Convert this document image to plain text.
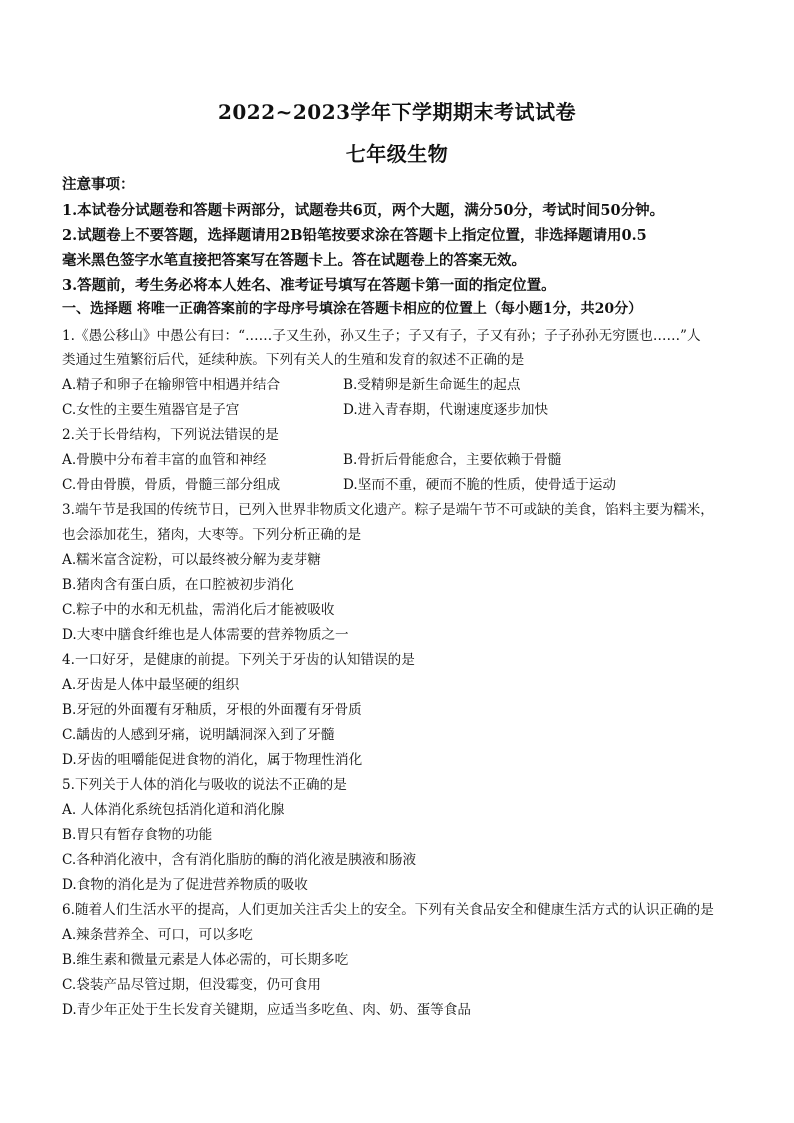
2022~2023学年下学期期末考试试卷
七年级生物
注意事项：
1.本试卷分试题卷和答题卡两部分，试题卷共6页，两个大题，满分50分，考试时间50分钟。
2.试题卷上不要答题，选择题请用2B铅笔按要求涂在答题卡上指定位置，非选择题请用0.5
毫米黑色签字水笔直接把答案写在答题卡上。答在试题卷上的答案无效。
3.答题前，考生务必将本人姓名、准考证号填写在答题卡第一面的指定位置。
一、选择题 将唯一正确答案前的字母序号填涂在答题卡相应的位置上（每小题1分，共20分）
1.《愚公移山》中愚公有曰：“……子又生孙，孙又生子；子又有子，子又有孙；子子孙孙无穷匮也……”人
类通过生殖繁衍后代，延续种族。下列有关人的生殖和发育的叙述不正确的是
A.精子和卵子在输卵管中相遇并结合	B.受精卵是新生命诞生的起点
C.女性的主要生殖器官是子宫	D.进入青春期，代谢速度逐步加快
2.关于长骨结构，下列说法错误的是
A.骨膜中分布着丰富的血管和神经	B.骨折后骨能愈合，主要依赖于骨髓
C.骨由骨膜，骨质，骨髓三部分组成	D.坚而不重，硬而不脆的性质，使骨适于运动
3.端午节是我国的传统节日，已列入世界非物质文化遗产。粽子是端午节不可或缺的美食，馅料主要为糯米，
也会添加花生，猪肉，大枣等。下列分析正确的是
A.糯米富含淀粉，可以最终被分解为麦芽糖
B.猪肉含有蛋白质，在口腔被初步消化
C.粽子中的水和无机盐，需消化后才能被吸收
D.大枣中膳食纤维也是人体需要的营养物质之一
4.一口好牙，是健康的前提。下列关于牙齿的认知错误的是
A.牙齿是人体中最坚硬的组织
B.牙冠的外面覆有牙釉质，牙根的外面覆有牙骨质
C.龋齿的人感到牙痛，说明龋洞深入到了牙髓
D.牙齿的咀嚼能促进食物的消化，属于物理性消化
5.下列关于人体的消化与吸收的说法不正确的是
A. 人体消化系统包括消化道和消化腺
B.胃只有暂存食物的功能
C.各种消化液中，含有消化脂肪的酶的消化液是胰液和肠液
D.食物的消化是为了促进营养物质的吸收
6.随着人们生活水平的提高，人们更加关注舌尖上的安全。下列有关食品安全和健康生活方式的认识正确的是
A.辣条营养全、可口，可以多吃
B.维生素和微量元素是人体必需的，可长期多吃
C.袋装产品尽管过期，但没霉变，仍可食用
D.青少年正处于生长发育关键期，应适当多吃鱼、肉、奶、蛋等食品
